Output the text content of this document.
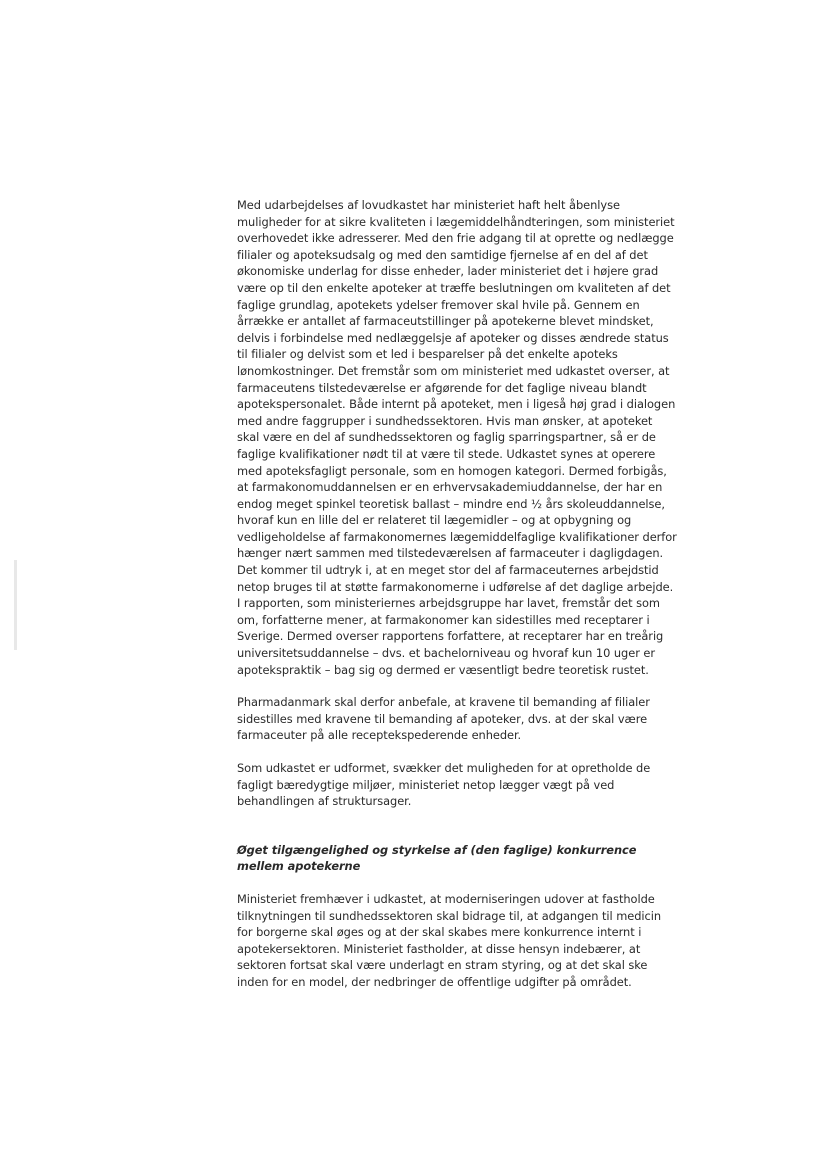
Med udarbejdelses af lovudkastet har ministeriet haft helt åbenlyse muligheder for at sikre kvaliteten i lægemiddelhåndteringen, som ministeriet overhovedet ikke adresserer. Med den frie adgang til at oprette og nedlægge filialer og apoteksudsalg og med den samtidige fjernelse af en del af det økonomiske underlag for disse enheder, lader ministeriet det i højere grad være op til den enkelte apoteker at træffe beslutningen om kvaliteten af det faglige grundlag, apotekets ydelser fremover skal hvile på. Gennem en årrække er antallet af farmaceutstillinger på apotekerne blevet mindsket, delvis i forbindelse med nedlæggelsje af apoteker og disses ændrede status til filialer og delvist som et led i besparelser på det enkelte apoteks lønomkostninger. Det fremstår som om ministeriet med udkastet overser, at farmaceutens tilstedeværelse er afgørende for det faglige niveau blandt apotekspersonalet. Både internt på apoteket, men i ligeså høj grad i dialogen med andre faggrupper i sundhedssektoren. Hvis man ønsker, at apoteket skal være en del af sundhedssektoren og faglig sparringspartner, så er de faglige kvalifikationer nødt til at være til stede. Udkastet synes at operere med apoteksfagligt personale, som en homogen kategori. Dermed forbigås, at farmakonomuddannelsen er en erhvervsakademiuddannelse, der har en endog meget spinkel teoretisk ballast – mindre end ½ års skoleuddannelse, hvoraf kun en lille del er relateret til lægemidler – og at opbygning og vedligeholdelse af farmakonomernes lægemiddelfaglige kvalifikationer derfor hænger nært sammen med tilstedeværelsen af farmaceuter i dagligdagen. Det kommer til udtryk i, at en meget stor del af farmaceuternes arbejdstid netop bruges til at støtte farmakonomerne i udførelse af det daglige arbejde. I rapporten, som ministeriernes arbejdsgruppe har lavet, fremstår det som om, forfatterne mener, at farmakonomer kan sidestilles med receptarer i Sverige. Dermed overser rapportens forfattere, at receptarer har en treårig universitetsuddannelse – dvs. et bachelorniveau og hvoraf kun 10 uger er apotekspraktik – bag sig og dermed er væsentligt bedre teoretisk rustet.

Pharmadanmark skal derfor anbefale, at kravene til bemanding af filialer sidestilles med kravene til bemanding af apoteker, dvs. at der skal være farmaceuter på alle receptekspederende enheder.

Som udkastet er udformet, svækker det muligheden for at opretholde de fagligt bæredygtige miljøer, ministeriet netop lægger vægt på ved behandlingen af struktursager.

Øget tilgængelighed og styrkelse af (den faglige) konkurrence mellem apotekerne

Ministeriet fremhæver i udkastet, at moderniseringen udover at fastholde tilknytningen til sundhedssektoren skal bidrage til, at adgangen til medicin for borgerne skal øges og at der skal skabes mere konkurrence internt i apotekersektoren. Ministeriet fastholder, at disse hensyn indebærer, at sektoren fortsat skal være underlagt en stram styring, og at det skal ske inden for en model, der nedbringer de offentlige udgifter på området.
